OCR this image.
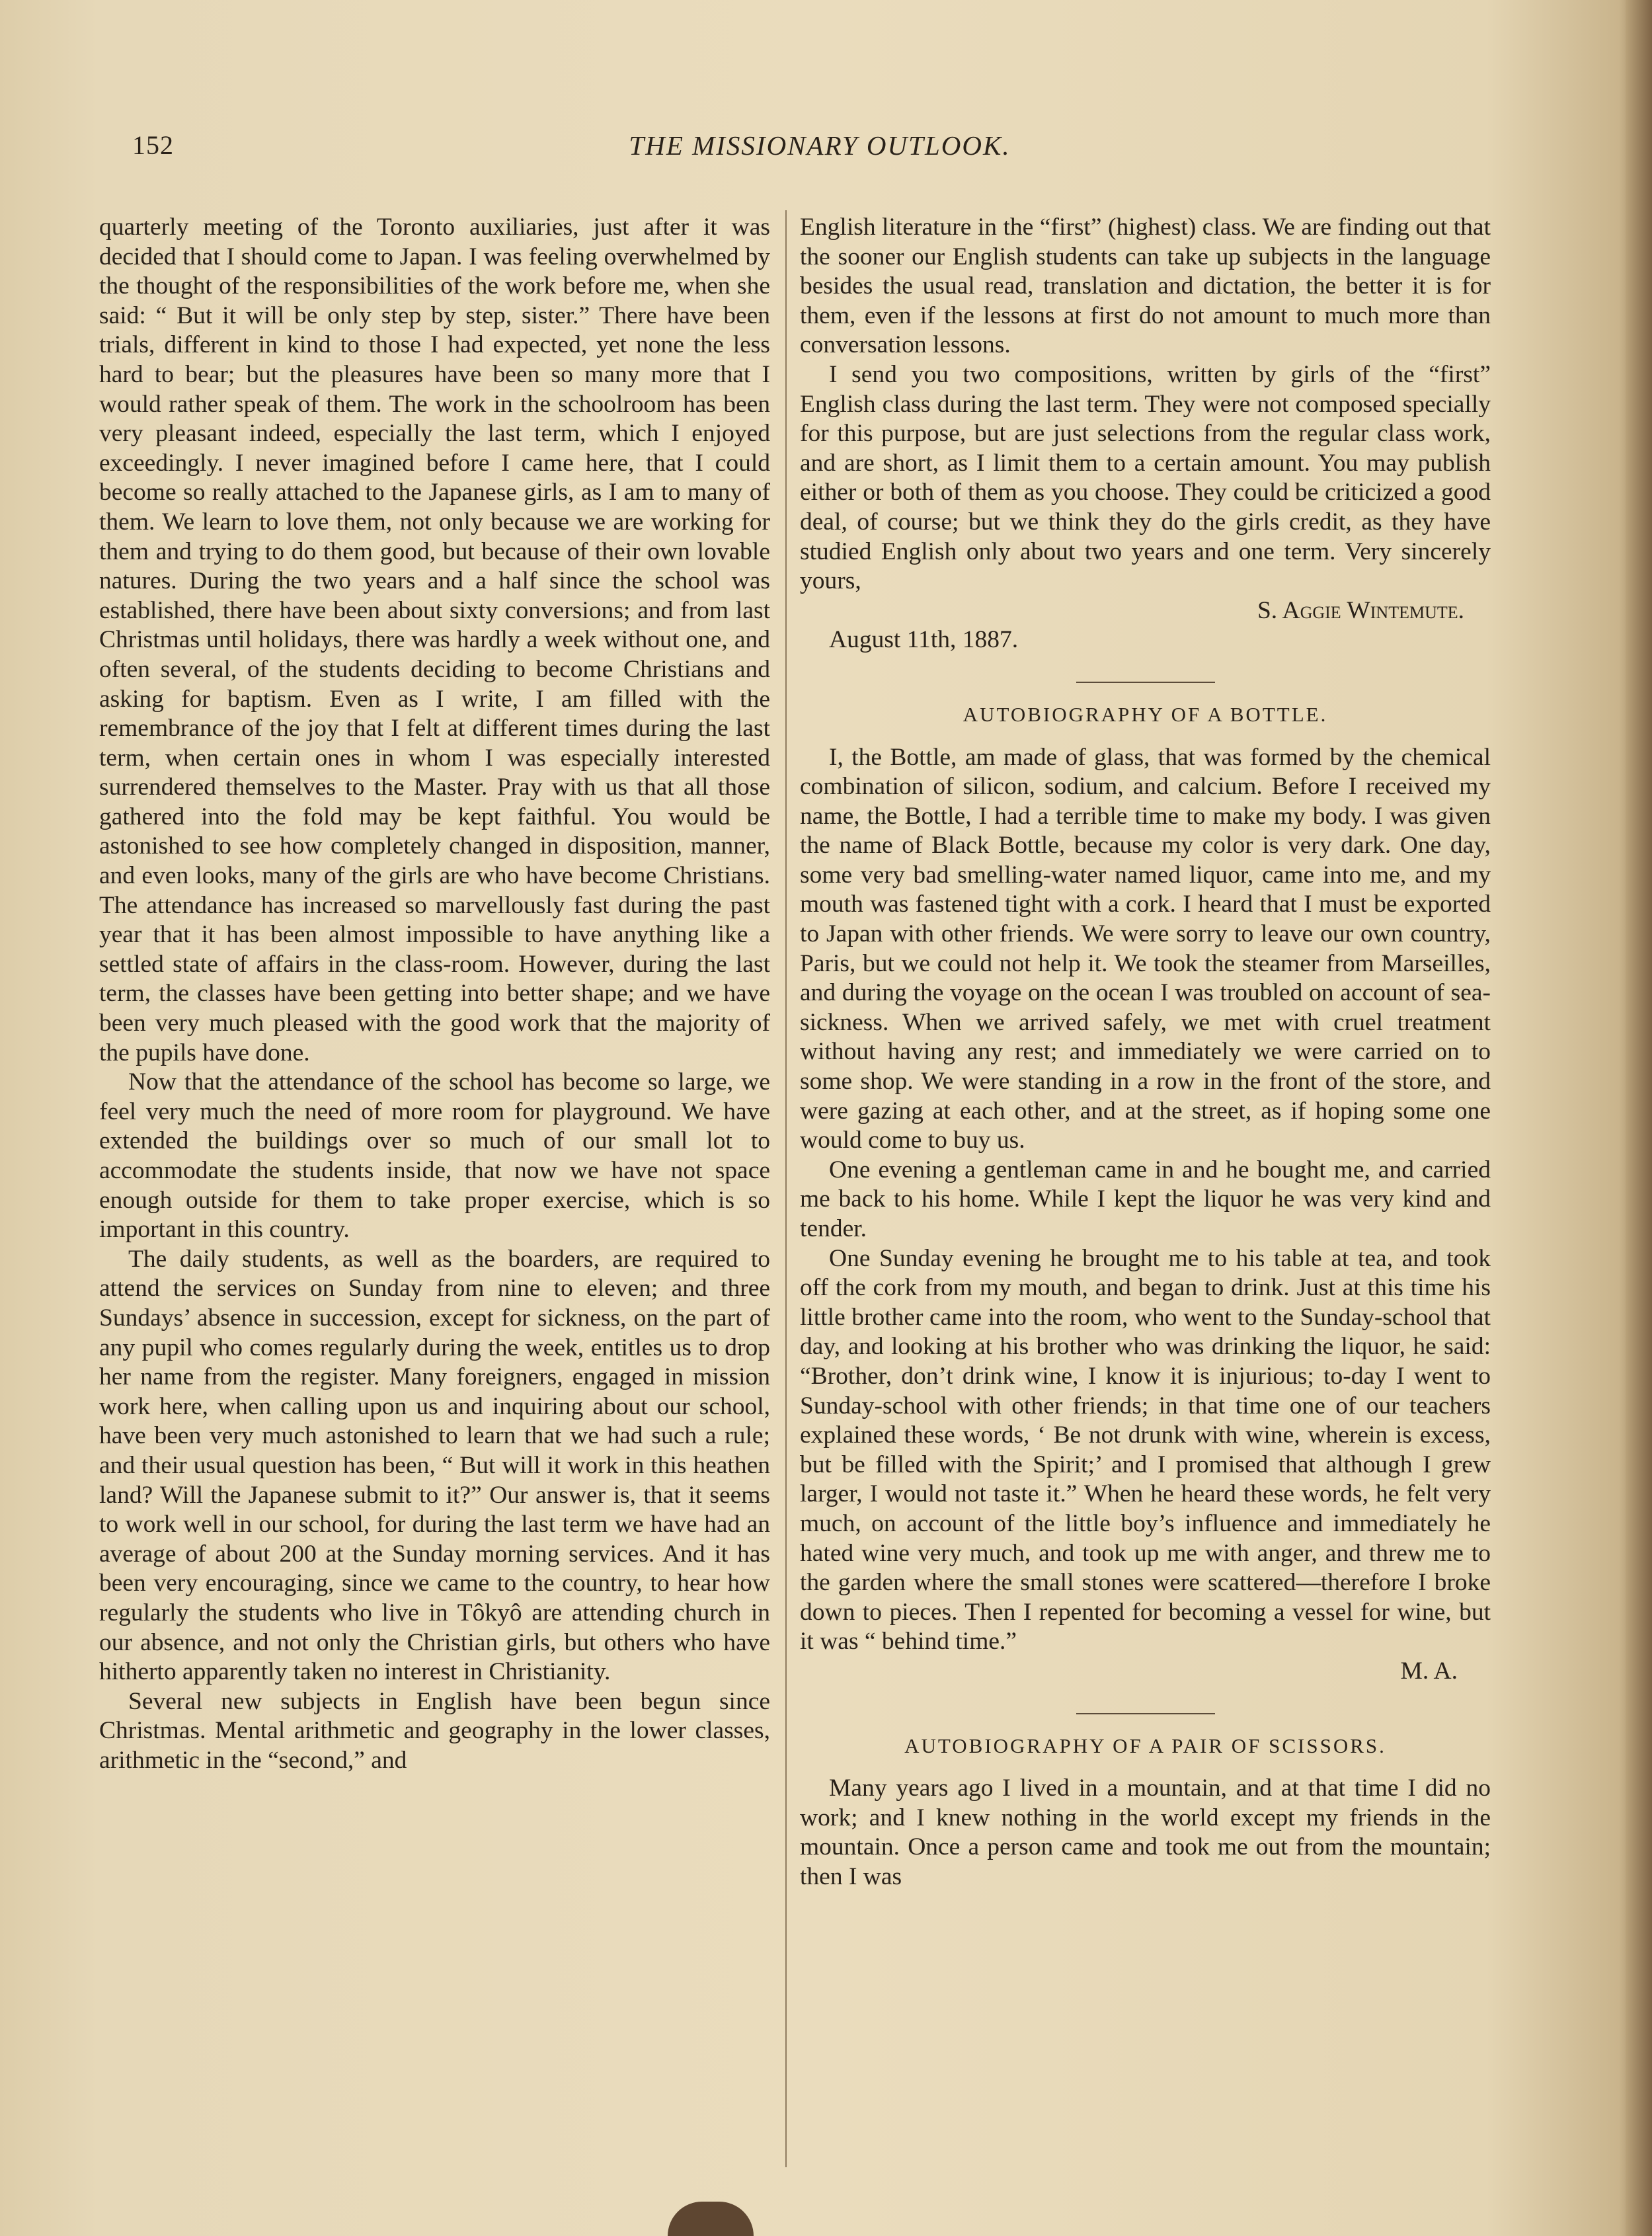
152	THE MISSIONARY OUTLOOK.

quarterly meeting of the Toronto auxiliaries, just after it was decided that I should come to Japan. I was feeling overwhelmed by the thought of the responsibilities of the work before me, when she said: “ But it will be only step by step, sister.” There have been trials, different in kind to those I had expected, yet none the less hard to bear; but the pleasures have been so many more that I would rather speak of them. The work in the schoolroom has been very pleasant indeed, especially the last term, which I enjoyed exceedingly. I never imagined before I came here, that I could become so really attached to the Japanese girls, as I am to many of them. We learn to love them, not only because we are working for them and trying to do them good, but because of their own lovable natures. During the two years and a half since the school was established, there have been about sixty conversions; and from last Christmas until holidays, there was hardly a week without one, and often several, of the students deciding to become Christians and asking for baptism. Even as I write, I am filled with the remembrance of the joy that I felt at different times during the last term, when certain ones in whom I was especially interested surrendered themselves to the Master. Pray with us that all those gathered into the fold may be kept faithful. You would be astonished to see how completely changed in disposition, manner, and even looks, many of the girls are who have become Christians. The attendance has increased so marvellously fast during the past year that it has been almost impossible to have anything like a settled state of affairs in the class-room. However, during the last term, the classes have been getting into better shape; and we have been very much pleased with the good work that the majority of the pupils have done.

Now that the attendance of the school has become so large, we feel very much the need of more room for playground. We have extended the buildings over so much of our small lot to accommodate the students inside, that now we have not space enough outside for them to take proper exercise, which is so important in this country.

The daily students, as well as the boarders, are required to attend the services on Sunday from nine to eleven; and three Sundays’ absence in succession, except for sickness, on the part of any pupil who comes regularly during the week, entitles us to drop her name from the register. Many foreigners, engaged in mission work here, when calling upon us and inquiring about our school, have been very much astonished to learn that we had such a rule; and their usual question has been, “ But will it work in this heathen land? Will the Japanese submit to it?” Our answer is, that it seems to work well in our school, for during the last term we have had an average of about 200 at the Sunday morning services. And it has been very encouraging, since we came to the country, to hear how regularly the students who live in Tôkyô are attending church in our absence, and not only the Christian girls, but others who have hitherto apparently taken no interest in Christianity.

Several new subjects in English have been begun since Christmas. Mental arithmetic and geography in the lower classes, arithmetic in the “second,” and

English literature in the “first” (highest) class. We are finding out that the sooner our English students can take up subjects in the language besides the usual read, translation and dictation, the better it is for them, even if the lessons at first do not amount to much more than conversation lessons.

I send you two compositions, written by girls of the “first” English class during the last term. They were not composed specially for this purpose, but are just selections from the regular class work, and are short, as I limit them to a certain amount. You may publish either or both of them as you choose. They could be criticized a good deal, of course; but we think they do the girls credit, as they have studied English only about two years and one term. Very sincerely yours,

S. Aggie Wintemute.

August 11th, 1887.

AUTOBIOGRAPHY OF A BOTTLE.

I, the Bottle, am made of glass, that was formed by the chemical combination of silicon, sodium, and calcium. Before I received my name, the Bottle, I had a terrible time to make my body. I was given the name of Black Bottle, because my color is very dark. One day, some very bad smelling-water named liquor, came into me, and my mouth was fastened tight with a cork. I heard that I must be exported to Japan with other friends. We were sorry to leave our own country, Paris, but we could not help it. We took the steamer from Marseilles, and during the voyage on the ocean I was troubled on account of sea-sickness. When we arrived safely, we met with cruel treatment without having any rest; and immediately we were carried on to some shop. We were standing in a row in the front of the store, and were gazing at each other, and at the street, as if hoping some one would come to buy us.

One evening a gentleman came in and he bought me, and carried me back to his home. While I kept the liquor he was very kind and tender.

One Sunday evening he brought me to his table at tea, and took off the cork from my mouth, and began to drink. Just at this time his little brother came into the room, who went to the Sunday-school that day, and looking at his brother who was drinking the liquor, he said: “Brother, don’t drink wine, I know it is injurious; to-day I went to Sunday-school with other friends; in that time one of our teachers explained these words, ‘ Be not drunk with wine, wherein is excess, but be filled with the Spirit;’ and I promised that although I grew larger, I would not taste it.” When he heard these words, he felt very much, on account of the little boy’s influence and immediately he hated wine very much, and took up me with anger, and threw me to the garden where the small stones were scattered—therefore I broke down to pieces. Then I repented for becoming a vessel for wine, but it was “ behind time.”

M. A.

AUTOBIOGRAPHY OF A PAIR OF SCISSORS.

Many years ago I lived in a mountain, and at that time I did no work; and I knew nothing in the world except my friends in the mountain. Once a person came and took me out from the mountain; then I was
